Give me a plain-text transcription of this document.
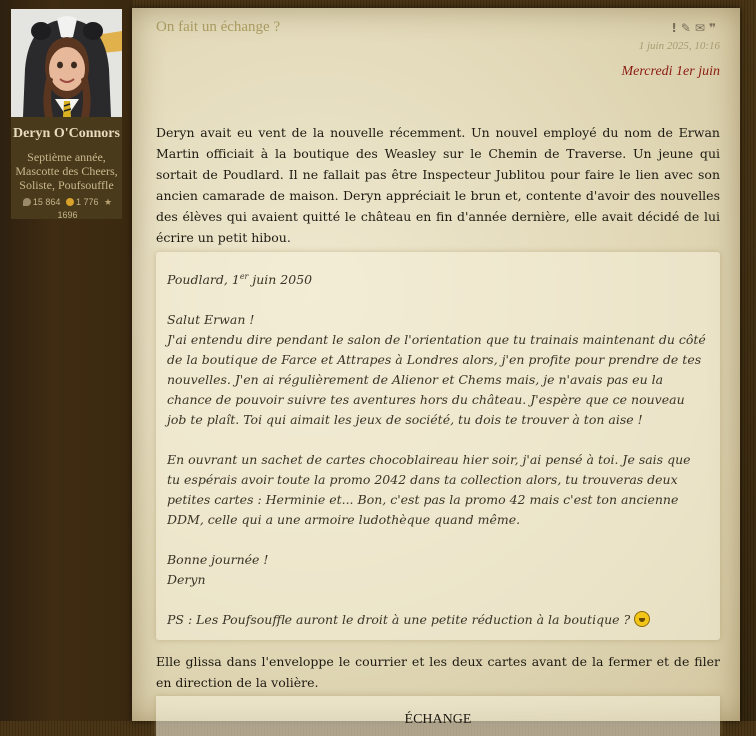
Deryn O'Connors
Septième année,
Mascotte des Cheers,
Soliste, Poufsouffle
15 864 1 776 ★
1696
On fait un échange ?	!✎✉❞
1 juin 2025, 10:16
Mercredi 1er juin
Deryn avait eu vent de la nouvelle récemment. Un nouvel employé du nom de Erwan Martin officiait à la boutique des Weasley sur le Chemin de Traverse. Un jeune qui sortait de Poudlard. Il ne fallait pas être Inspecteur Jublitou pour faire le lien avec son ancien camarade de maison. Deryn appréciait le brun et, contente d'avoir des nouvelles des élèves qui avaient quitté le château en fin d'année dernière, elle avait décidé de lui écrire un petit hibou.

Poudlard, 1er juin 2050

Salut Erwan !

J'ai entendu dire pendant le salon de l'orientation que tu trainais maintenant du côté de la boutique de Farce et Attrapes à Londres alors, j'en profite pour prendre de tes nouvelles. J'en ai régulièrement de Alienor et Chems mais, je n'avais pas eu la chance de pouvoir suivre tes aventures hors du château. J'espère que ce nouveau job te plaît. Toi qui aimait les jeux de société, tu dois te trouver à ton aise !

En ouvrant un sachet de cartes chocoblaireau hier soir, j'ai pensé à toi. Je sais que tu espérais avoir toute la promo 2042 dans ta collection alors, tu trouveras deux petites cartes : Herminie et... Bon, c'est pas la promo 42 mais c'est ton ancienne DDM, celle qui a une armoire ludothèque quand même.

Bonne journée !

Deryn

PS : Les Poufsouffle auront le droit à une petite réduction à la boutique ?

Elle glissa dans l'enveloppe le courrier et les deux cartes avant de la fermer et de filer en direction de la volière.
ÉCHANGE
